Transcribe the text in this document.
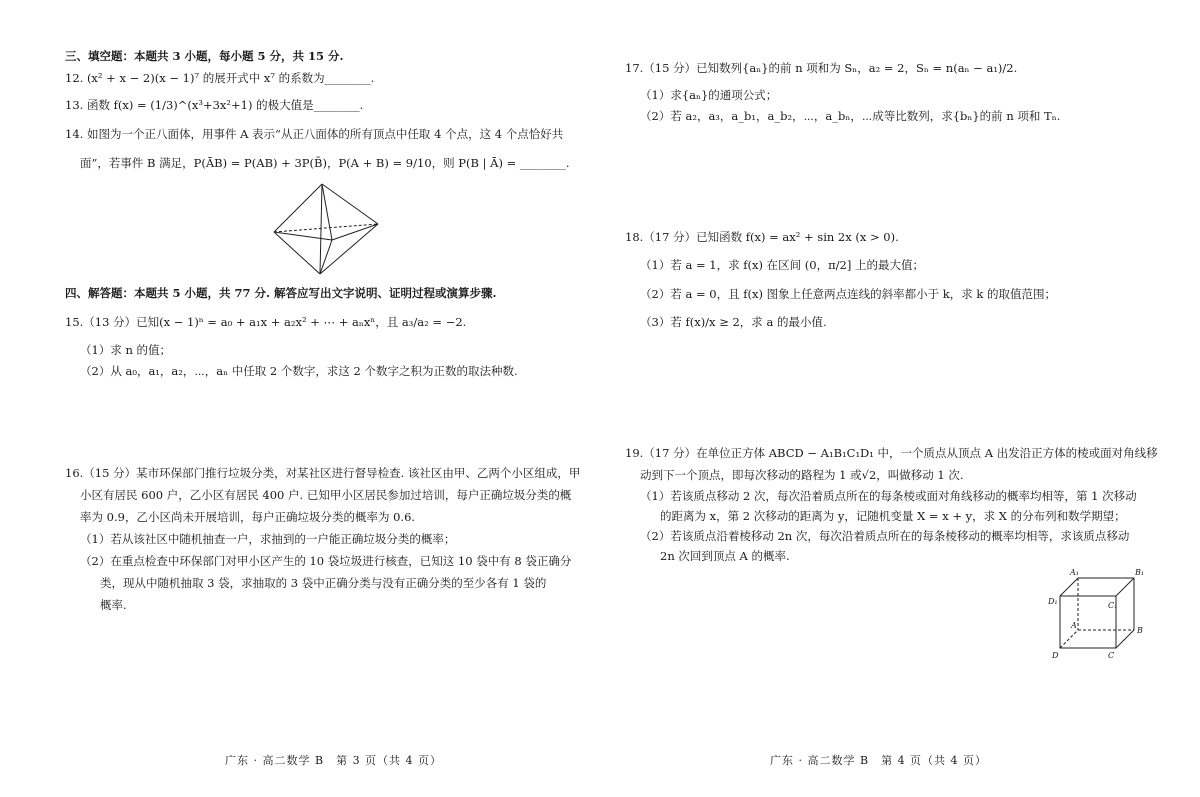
三、填空题：本题共 3 小题，每小题 5 分，共 15 分.
12. (x² + x − 2)(x − 1)⁷ 的展开式中 x⁷ 的系数为________.
13. 函数 f(x) = (1/3)^(x³+3x²+1) 的极大值是________.
14. 如图为一个正八面体，用事件 A 表示“从正八面体的所有顶点中任取 4 个点，这 4 个点恰好共
面”，若事件 B 满足，P(ĀB) = P(AB) + 3P(B̄)，P(A + B) = 9/10，则 P(B | Ā) = ________.
四、解答题：本题共 5 小题，共 77 分. 解答应写出文字说明、证明过程或演算步骤.
15.（13 分）已知(x − 1)ⁿ = a₀ + a₁x + a₂x² + ⋯ + aₙxⁿ，且 a₃/a₂ = −2.
（1）求 n 的值；
（2）从 a₀，a₁，a₂，⋯，aₙ 中任取 2 个数字，求这 2 个数字之积为正数的取法种数.
16.（15 分）某市环保部门推行垃圾分类，对某社区进行督导检查. 该社区由甲、乙两个小区组成，甲
小区有居民 600 户，乙小区有居民 400 户. 已知甲小区居民参加过培训，每户正确垃圾分类的概
率为 0.9，乙小区尚未开展培训，每户正确垃圾分类的概率为 0.6.
（1）若从该社区中随机抽查一户，求抽到的一户能正确垃圾分类的概率；
（2）在重点检查中环保部门对甲小区产生的 10 袋垃圾进行核查，已知这 10 袋中有 8 袋正确分
类，现从中随机抽取 3 袋，求抽取的 3 袋中正确分类与没有正确分类的至少各有 1 袋的
概率.
广东 · 高二数学 B　第 3 页（共 4 页）
17.（15 分）已知数列{aₙ}的前 n 项和为 Sₙ，a₂ = 2，Sₙ = n(aₙ − a₁)/2.
（1）求{aₙ}的通项公式；
（2）若 a₂，a₃，a_b₁，a_b₂，⋯，a_bₙ，⋯成等比数列，求{bₙ}的前 n 项和 Tₙ.
18.（17 分）已知函数 f(x) = ax² + sin 2x (x > 0).
（1）若 a = 1，求 f(x) 在区间 (0，π/2] 上的最大值；
（2）若 a = 0，且 f(x) 图象上任意两点连线的斜率都小于 k，求 k 的取值范围；
（3）若 f(x)/x ≥ 2，求 a 的最小值.
19.（17 分）在单位正方体 ABCD − A₁B₁C₁D₁ 中，一个质点从顶点 A 出发沿正方体的棱或面对角线移
动到下一个顶点，即每次移动的路程为 1 或√2，叫做移动 1 次.
（1）若该质点移动 2 次，每次沿着质点所在的每条棱或面对角线移动的概率均相等，第 1 次移动
的距离为 x，第 2 次移动的距离为 y，记随机变量 X = x + y，求 X 的分布列和数学期望；
（2）若该质点沿着棱移动 2n 次，每次沿着质点所在的每条棱移动的概率均相等，求该质点移动
2n 次回到顶点 A 的概率.
A₁	B₁
C₁
D₁
A
B
C
D
广东 · 高二数学 B　第 4 页（共 4 页）
